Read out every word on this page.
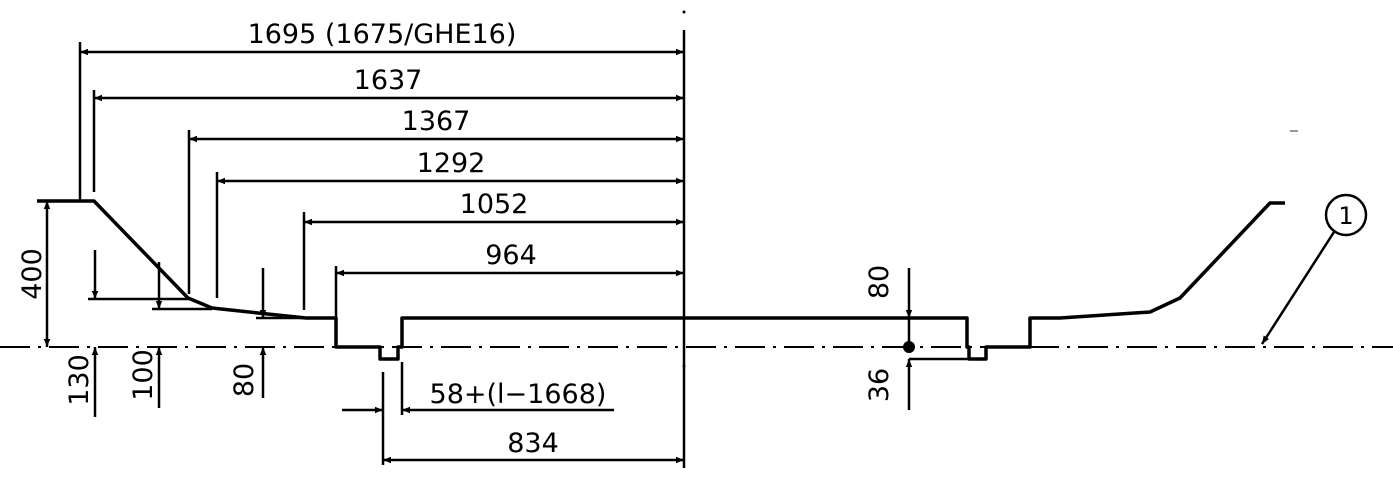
1695 (1675/GHE16)
1637
1367
1292
1052
964
400
130 100	80	58+(l−1668)
834
80
36
1
